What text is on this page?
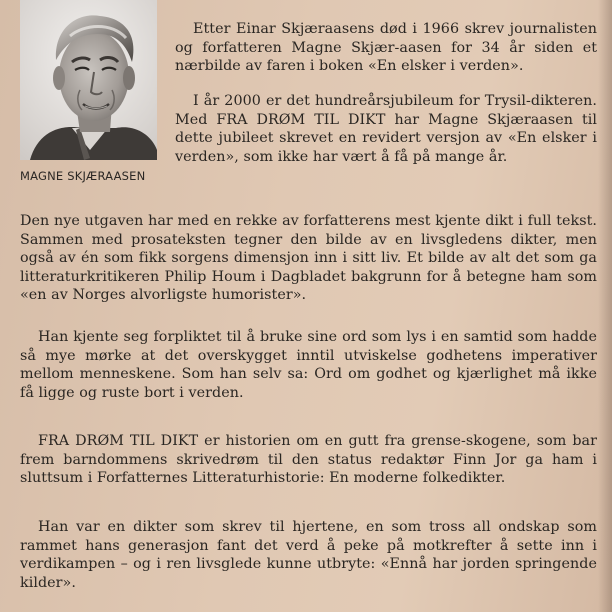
MAGNE SKJÆRAASEN

Etter Einar Skjæraasens død i 1966 skrev journalisten og forfatteren Magne Skjær-aasen for 34 år siden et nærbilde av faren i boken «En elsker i verden».

I år 2000 er det hundreårsjubileum for Trysil-dikteren. Med FRA DRØM TIL DIKT har Magne Skjæraasen til dette jubileet skrevet en revidert versjon av «En elsker i verden», som ikke har vært å få på mange år.

Den nye utgaven har med en rekke av forfatterens mest kjente dikt i full tekst. Sammen med prosateksten tegner den bilde av en livsgledens dikter, men også av én som fikk sorgens dimensjon inn i sitt liv. Et bilde av alt det som ga litteraturkritikeren Philip Houm i Dagbladet bakgrunn for å betegne ham som «en av Norges alvorligste humorister».

Han kjente seg forpliktet til å bruke sine ord som lys i en samtid som hadde så mye mørke at det overskygget inntil utviskelse godhetens imperativer mellom menneskene. Som han selv sa: Ord om godhet og kjærlighet må ikke få ligge og ruste bort i verden.

FRA DRØM TIL DIKT er historien om en gutt fra grense-skogene, som bar frem barndommens skrivedrøm til den status redaktør Finn Jor ga ham i sluttsum i Forfatternes Litteraturhistorie: En moderne folkedikter.

Han var en dikter som skrev til hjertene, en som tross all ondskap som rammet hans generasjon fant det verd å peke på motkrefter å sette inn i verdikampen – og i ren livsglede kunne utbryte: «Ennå har jorden springende kilder».
